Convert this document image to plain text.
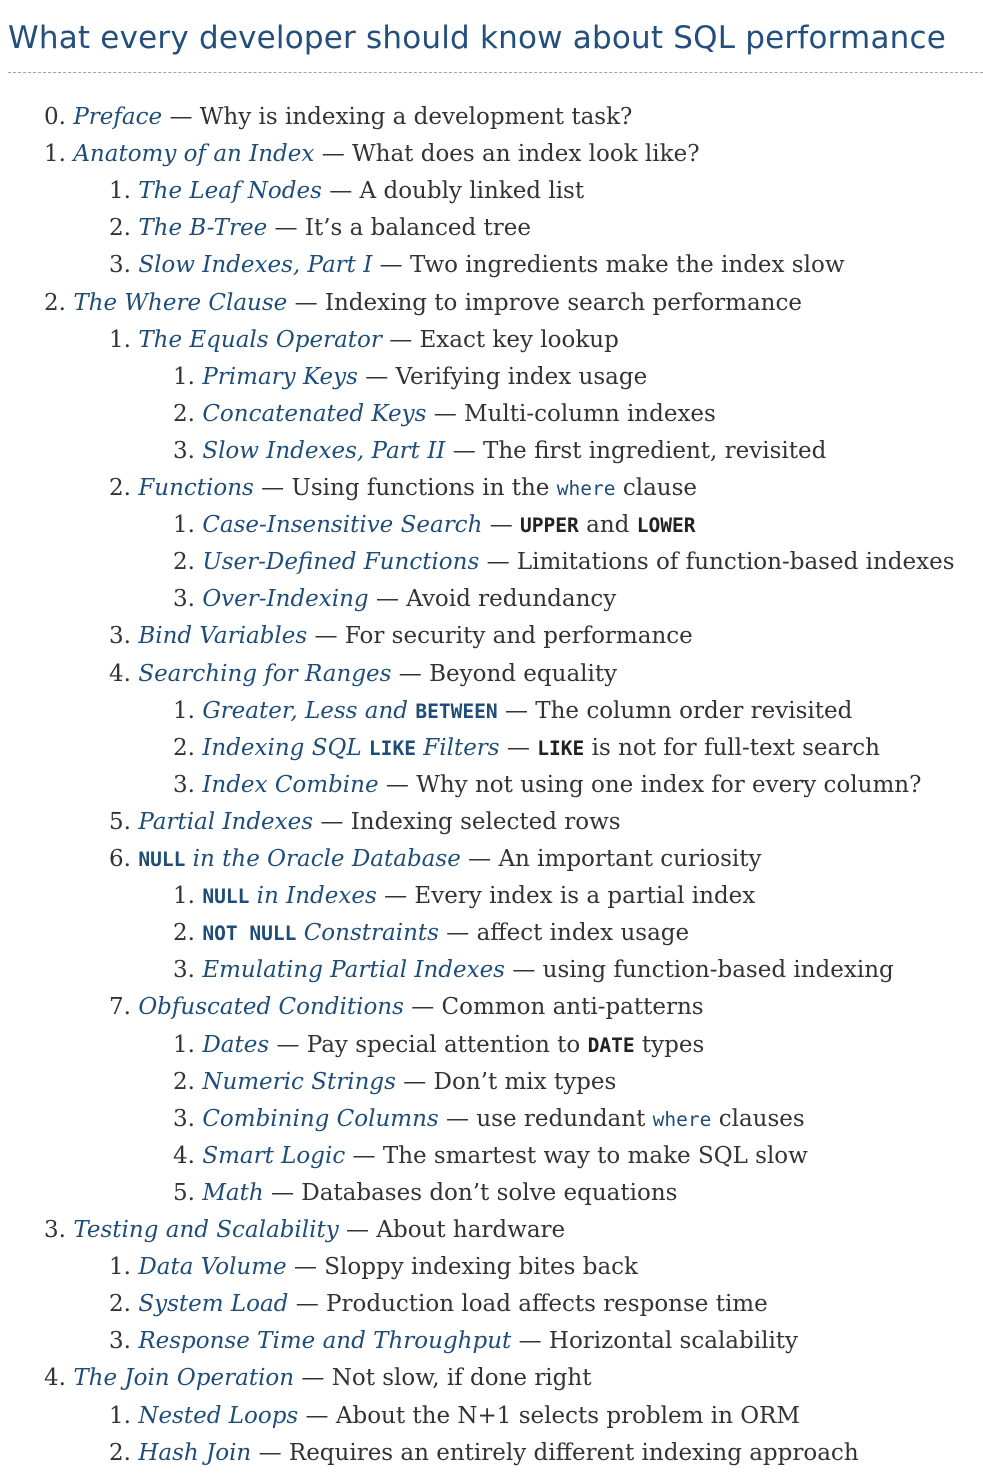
What every developer should know about SQL performance
0. Preface — Why is indexing a development task?
1. Anatomy of an Index — What does an index look like?
1. The Leaf Nodes — A doubly linked list
2. The B-Tree — It’s a balanced tree
3. Slow Indexes, Part I — Two ingredients make the index slow
2. The Where Clause — Indexing to improve search performance
1. The Equals Operator — Exact key lookup
1. Primary Keys — Verifying index usage
2. Concatenated Keys — Multi-column indexes
3. Slow Indexes, Part II — The first ingredient, revisited
2. Functions — Using functions in the where clause
1. Case-Insensitive Search — UPPER and LOWER
2. User-Defined Functions — Limitations of function-based indexes
3. Over-Indexing — Avoid redundancy
3. Bind Variables — For security and performance
4. Searching for Ranges — Beyond equality
1. Greater, Less and BETWEEN — The column order revisited
2. Indexing SQL LIKE Filters — LIKE is not for full-text search
3. Index Combine — Why not using one index for every column?
5. Partial Indexes — Indexing selected rows
6. NULL in the Oracle Database — An important curiosity
1. NULL in Indexes — Every index is a partial index
2. NOT NULL Constraints — affect index usage
3. Emulating Partial Indexes — using function-based indexing
7. Obfuscated Conditions — Common anti-patterns
1. Dates — Pay special attention to DATE types
2. Numeric Strings — Don’t mix types
3. Combining Columns — use redundant where clauses
4. Smart Logic — The smartest way to make SQL slow
5. Math — Databases don’t solve equations
3. Testing and Scalability — About hardware
1. Data Volume — Sloppy indexing bites back
2. System Load — Production load affects response time
3. Response Time and Throughput — Horizontal scalability
4. The Join Operation — Not slow, if done right
1. Nested Loops — About the N+1 selects problem in ORM
2. Hash Join — Requires an entirely different indexing approach
